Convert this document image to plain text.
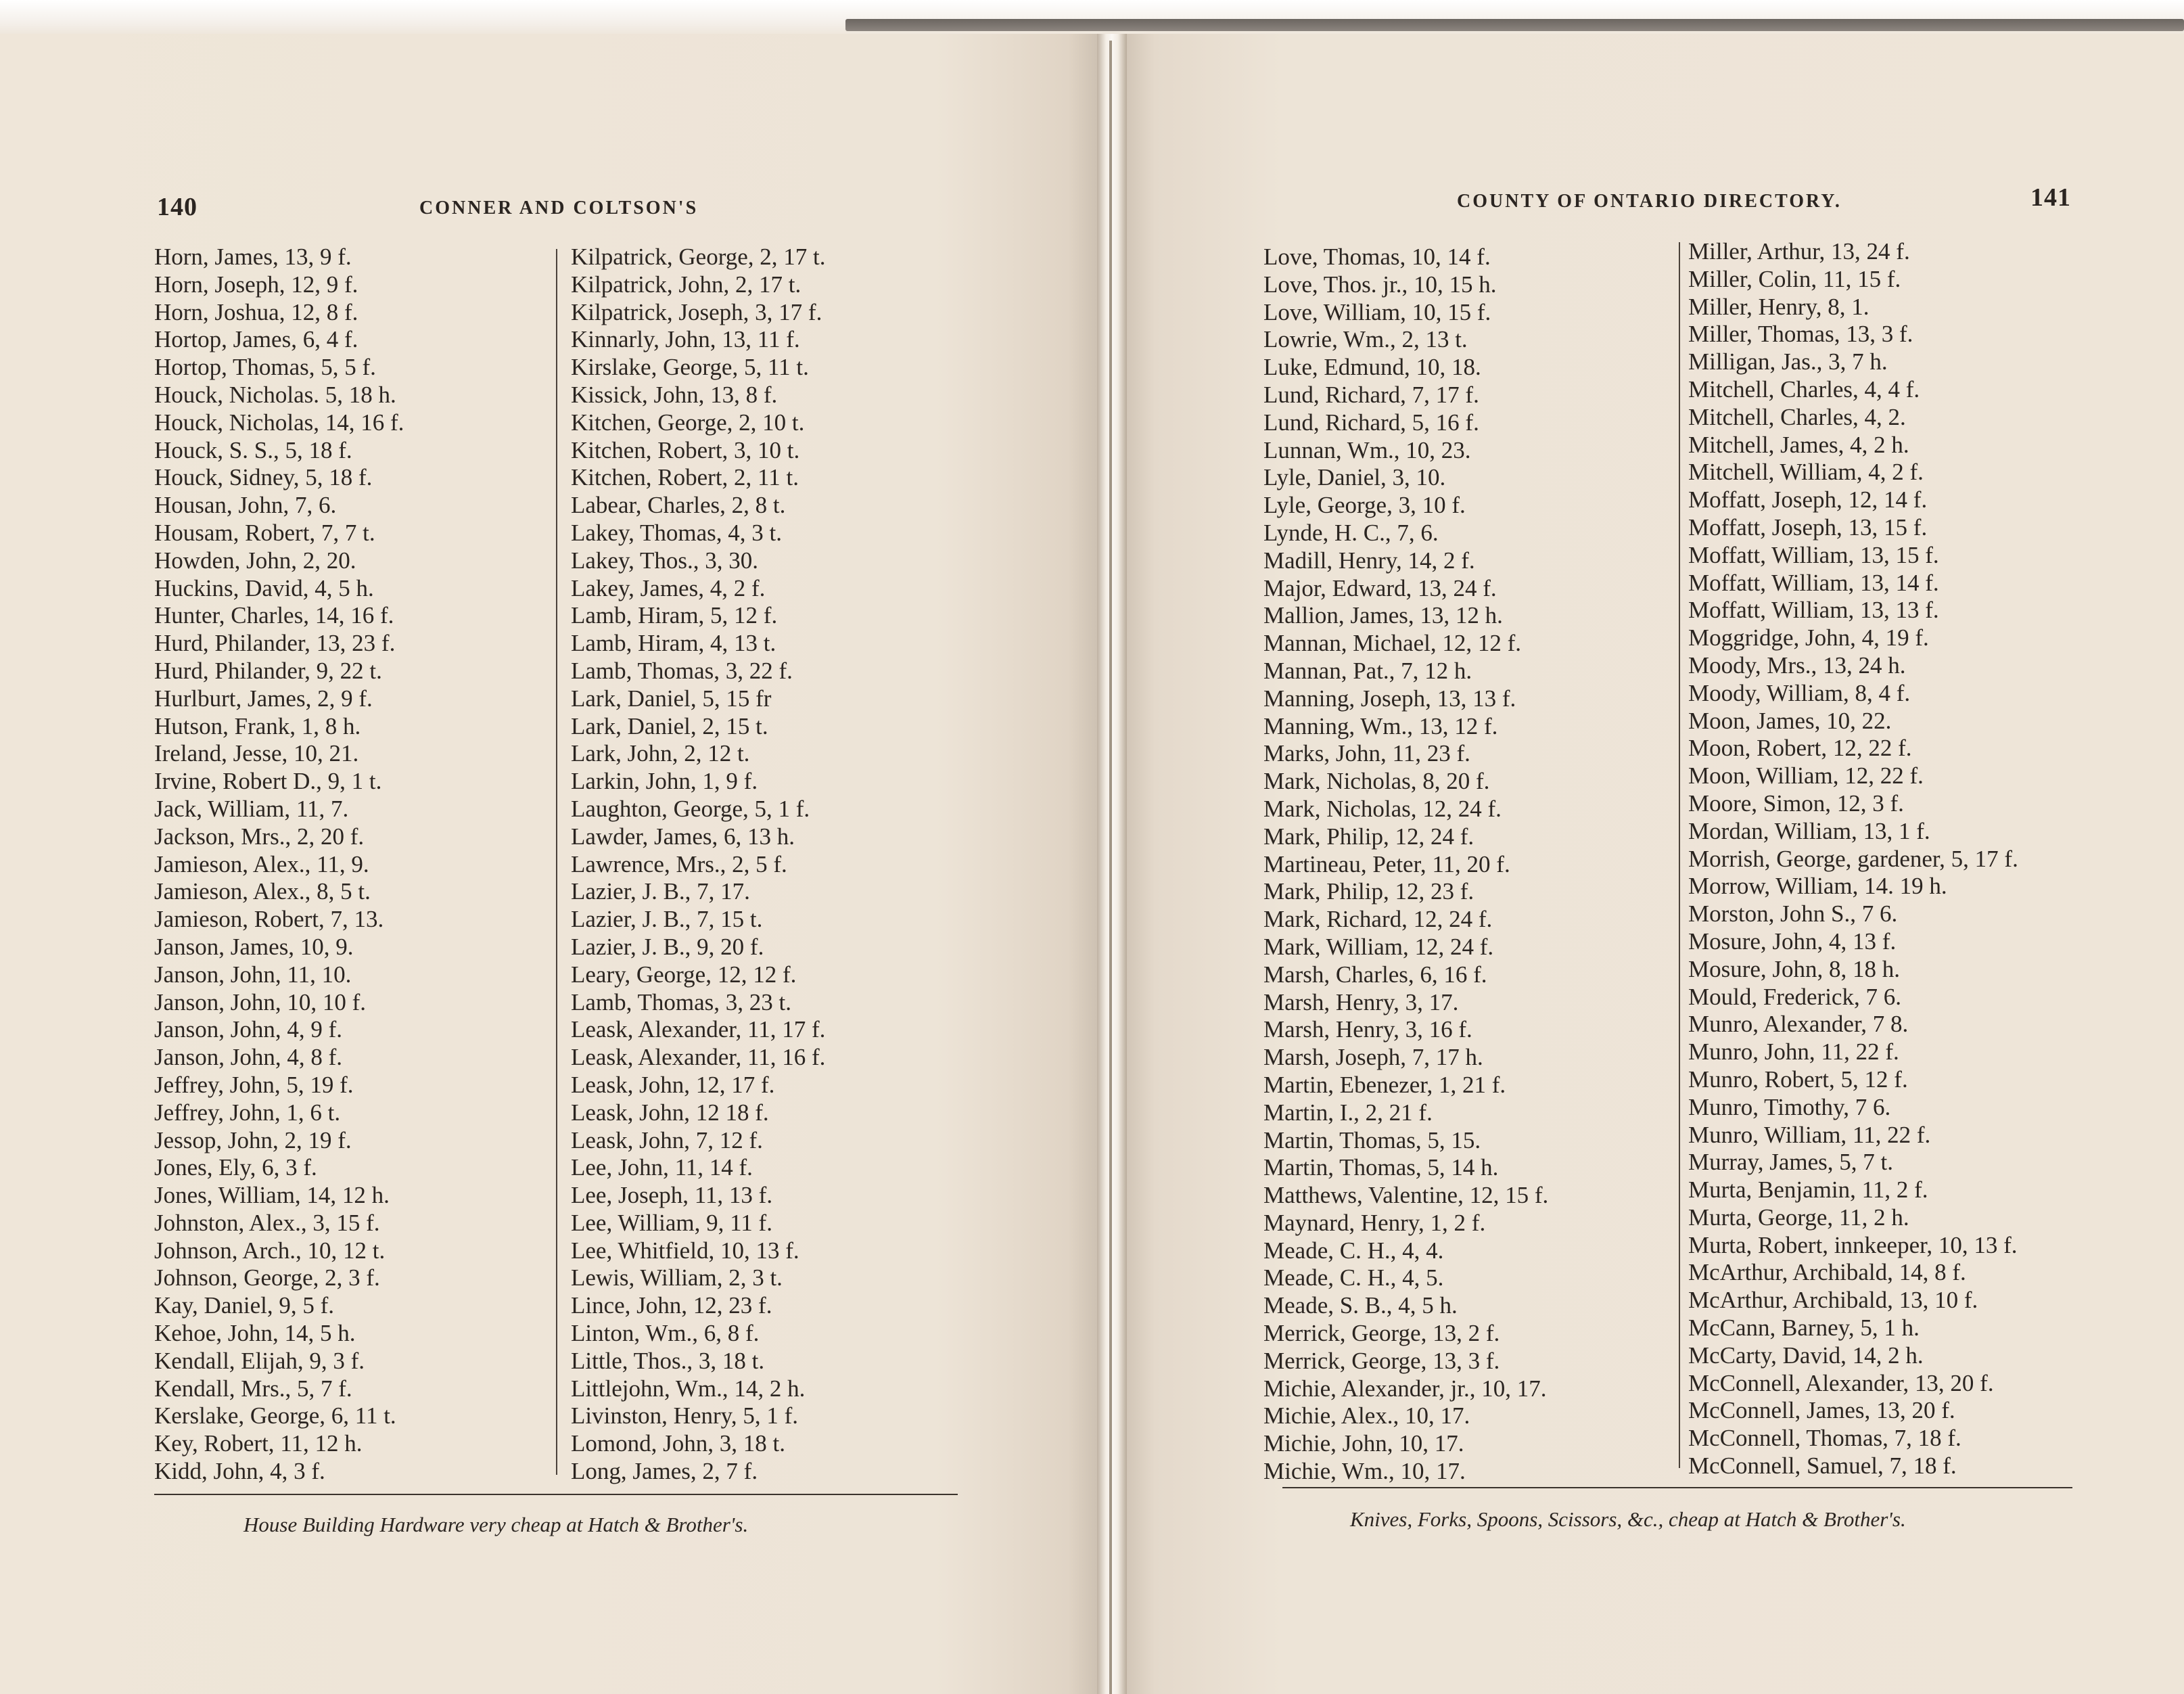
140	CONNER AND COLTSON'S	COUNTY OF ONTARIO DIRECTORY.	141
Horn, James, 13, 9 f.
Horn, Joseph, 12, 9 f.
Horn, Joshua, 12, 8 f.
Hortop, James, 6, 4 f.
Hortop, Thomas, 5, 5 f.
Houck, Nicholas. 5, 18 h.
Houck, Nicholas, 14, 16 f.
Houck, S. S., 5, 18 f.
Houck, Sidney, 5, 18 f.
Housan, John, 7, 6.
Housam, Robert, 7, 7 t.
Howden, John, 2, 20.
Huckins, David, 4, 5 h.
Hunter, Charles, 14, 16 f.
Hurd, Philander, 13, 23 f.
Hurd, Philander, 9, 22 t.
Hurlburt, James, 2, 9 f.
Hutson, Frank, 1, 8 h.
Ireland, Jesse, 10, 21.
Irvine, Robert D., 9, 1 t.
Jack, William, 11, 7.
Jackson, Mrs., 2, 20 f.
Jamieson, Alex., 11, 9.
Jamieson, Alex., 8, 5 t.
Jamieson, Robert, 7, 13.
Janson, James, 10, 9.
Janson, John, 11, 10.
Janson, John, 10, 10 f.
Janson, John, 4, 9 f.
Janson, John, 4, 8 f.
Jeffrey, John, 5, 19 f.
Jeffrey, John, 1, 6 t.
Jessop, John, 2, 19 f.
Jones, Ely, 6, 3 f.
Jones, William, 14, 12 h.
Johnston, Alex., 3, 15 f.
Johnson, Arch., 10, 12 t.
Johnson, George, 2, 3 f.
Kay, Daniel, 9, 5 f.
Kehoe, John, 14, 5 h.
Kendall, Elijah, 9, 3 f.
Kendall, Mrs., 5, 7 f.
Kerslake, George, 6, 11 t.
Key, Robert, 11, 12 h.
Kidd, John, 4, 3 f.
Kilpatrick, George, 2, 17 t.
Kilpatrick, John, 2, 17 t.
Kilpatrick, Joseph, 3, 17 f.
Kinnarly, John, 13, 11 f.
Kirslake, George, 5, 11 t.
Kissick, John, 13, 8 f.
Kitchen, George, 2, 10 t.
Kitchen, Robert, 3, 10 t.
Kitchen, Robert, 2, 11 t.
Labear, Charles, 2, 8 t.
Lakey, Thomas, 4, 3 t.
Lakey, Thos., 3, 30.
Lakey, James, 4, 2 f.
Lamb, Hiram, 5, 12 f.
Lamb, Hiram, 4, 13 t.
Lamb, Thomas, 3, 22 f.
Lark, Daniel, 5, 15 fr
Lark, Daniel, 2, 15 t.
Lark, John, 2, 12 t.
Larkin, John, 1, 9 f.
Laughton, George, 5, 1 f.
Lawder, James, 6, 13 h.
Lawrence, Mrs., 2, 5 f.
Lazier, J. B., 7, 17.
Lazier, J. B., 7, 15 t.
Lazier, J. B., 9, 20 f.
Leary, George, 12, 12 f.
Lamb, Thomas, 3, 23 t.
Leask, Alexander, 11, 17 f.
Leask, Alexander, 11, 16 f.
Leask, John, 12, 17 f.
Leask, John, 12 18 f.
Leask, John, 7, 12 f.
Lee, John, 11, 14 f.
Lee, Joseph, 11, 13 f.
Lee, William, 9, 11 f.
Lee, Whitfield, 10, 13 f.
Lewis, William, 2, 3 t.
Lince, John, 12, 23 f.
Linton, Wm., 6, 8 f.
Little, Thos., 3, 18 t.
Littlejohn, Wm., 14, 2 h.
Livinston, Henry, 5, 1 f.
Lomond, John, 3, 18 t.
Long, James, 2, 7 f.
Love, Thomas, 10, 14 f.
Love, Thos. jr., 10, 15 h.
Love, William, 10, 15 f.
Lowrie, Wm., 2, 13 t.
Luke, Edmund, 10, 18.
Lund, Richard, 7, 17 f.
Lund, Richard, 5, 16 f.
Lunnan, Wm., 10, 23.
Lyle, Daniel, 3, 10.
Lyle, George, 3, 10 f.
Lynde, H. C., 7, 6.
Madill, Henry, 14, 2 f.
Major, Edward, 13, 24 f.
Mallion, James, 13, 12 h.
Mannan, Michael, 12, 12 f.
Mannan, Pat., 7, 12 h.
Manning, Joseph, 13, 13 f.
Manning, Wm., 13, 12 f.
Marks, John, 11, 23 f.
Mark, Nicholas, 8, 20 f.
Mark, Nicholas, 12, 24 f.
Mark, Philip, 12, 24 f.
Martineau, Peter, 11, 20 f.
Mark, Philip, 12, 23 f.
Mark, Richard, 12, 24 f.
Mark, William, 12, 24 f.
Marsh, Charles, 6, 16 f.
Marsh, Henry, 3, 17.
Marsh, Henry, 3, 16 f.
Marsh, Joseph, 7, 17 h.
Martin, Ebenezer, 1, 21 f.
Martin, I., 2, 21 f.
Martin, Thomas, 5, 15.
Martin, Thomas, 5, 14 h.
Matthews, Valentine, 12, 15 f.
Maynard, Henry, 1, 2 f.
Meade, C. H., 4, 4.
Meade, C. H., 4, 5.
Meade, S. B., 4, 5 h.
Merrick, George, 13, 2 f.
Merrick, George, 13, 3 f.
Michie, Alexander, jr., 10, 17.
Michie, Alex., 10, 17.
Michie, John, 10, 17.
Michie, Wm., 10, 17.
Miller, Arthur, 13, 24 f.
Miller, Colin, 11, 15 f.
Miller, Henry, 8, 1.
Miller, Thomas, 13, 3 f.
Milligan, Jas., 3, 7 h.
Mitchell, Charles, 4, 4 f.
Mitchell, Charles, 4, 2.
Mitchell, James, 4, 2 h.
Mitchell, William, 4, 2 f.
Moffatt, Joseph, 12, 14 f.
Moffatt, Joseph, 13, 15 f.
Moffatt, William, 13, 15 f.
Moffatt, William, 13, 14 f.
Moffatt, William, 13, 13 f.
Moggridge, John, 4, 19 f.
Moody, Mrs., 13, 24 h.
Moody, William, 8, 4 f.
Moon, James, 10, 22.
Moon, Robert, 12, 22 f.
Moon, William, 12, 22 f.
Moore, Simon, 12, 3 f.
Mordan, William, 13, 1 f.
Morrish, George, gardener, 5, 17 f.
Morrow, William, 14. 19 h.
Morston, John S., 7 6.
Mosure, John, 4, 13 f.
Mosure, John, 8, 18 h.
Mould, Frederick, 7 6.
Munro, Alexander, 7 8.
Munro, John, 11, 22 f.
Munro, Robert, 5, 12 f.
Munro, Timothy, 7 6.
Munro, William, 11, 22 f.
Murray, James, 5, 7 t.
Murta, Benjamin, 11, 2 f.
Murta, George, 11, 2 h.
Murta, Robert, innkeeper, 10, 13 f.
McArthur, Archibald, 14, 8 f.
McArthur, Archibald, 13, 10 f.
McCann, Barney, 5, 1 h.
McCarty, David, 14, 2 h.
McConnell, Alexander, 13, 20 f.
McConnell, James, 13, 20 f.
McConnell, Thomas, 7, 18 f.
McConnell, Samuel, 7, 18 f.
House Building Hardware very cheap at Hatch & Brother's.	Knives, Forks, Spoons, Scissors, &c., cheap at Hatch & Brother's.
